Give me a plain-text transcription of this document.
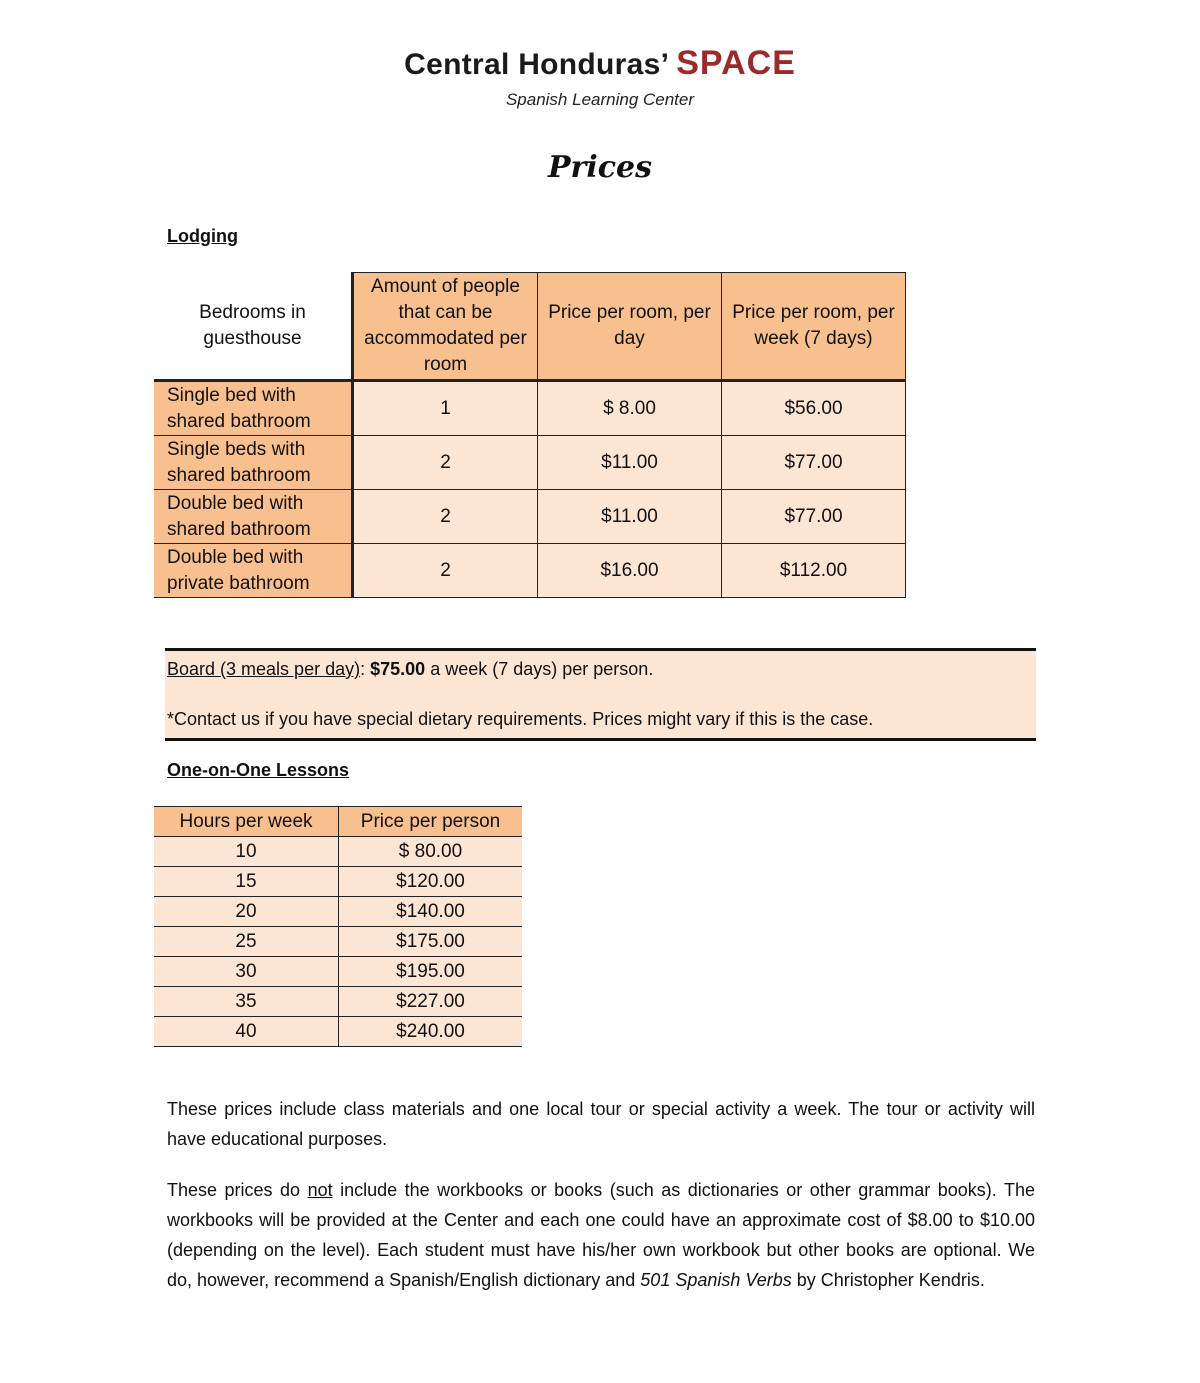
Central Honduras’ SPACE
Spanish Learning Center
Prices
Lodging
Bedrooms in guesthouse	Amount of people that can be accommodated per room	Price per room, per day	Price per room, per week (7 days)
Single bed with
shared bathroom	1	$ 8.00	$56.00
Single beds with
shared bathroom	2	$11.00	$77.00
Double bed with
shared bathroom	2	$11.00	$77.00
Double bed with
private bathroom	2	$16.00	$112.00
Board (3 meals per day): $75.00 a week (7 days) per person.
*Contact us if you have special dietary requirements. Prices might vary if this is the case.
One-on-One Lessons
Hours per week	Price per person
10	$ 80.00
15	$120.00
20	$140.00
25	$175.00
30	$195.00
35	$227.00
40	$240.00
These prices include class materials and one local tour or special activity a week. The tour or activity will have educational purposes.
These prices do not include the workbooks or books (such as dictionaries or other grammar books). The workbooks will be provided at the Center and each one could have an approximate cost of $8.00 to $10.00 (depending on the level). Each student must have his/her own workbook but other books are optional. We do, however, recommend a Spanish/English dictionary and 501 Spanish Verbs by Christopher Kendris.
